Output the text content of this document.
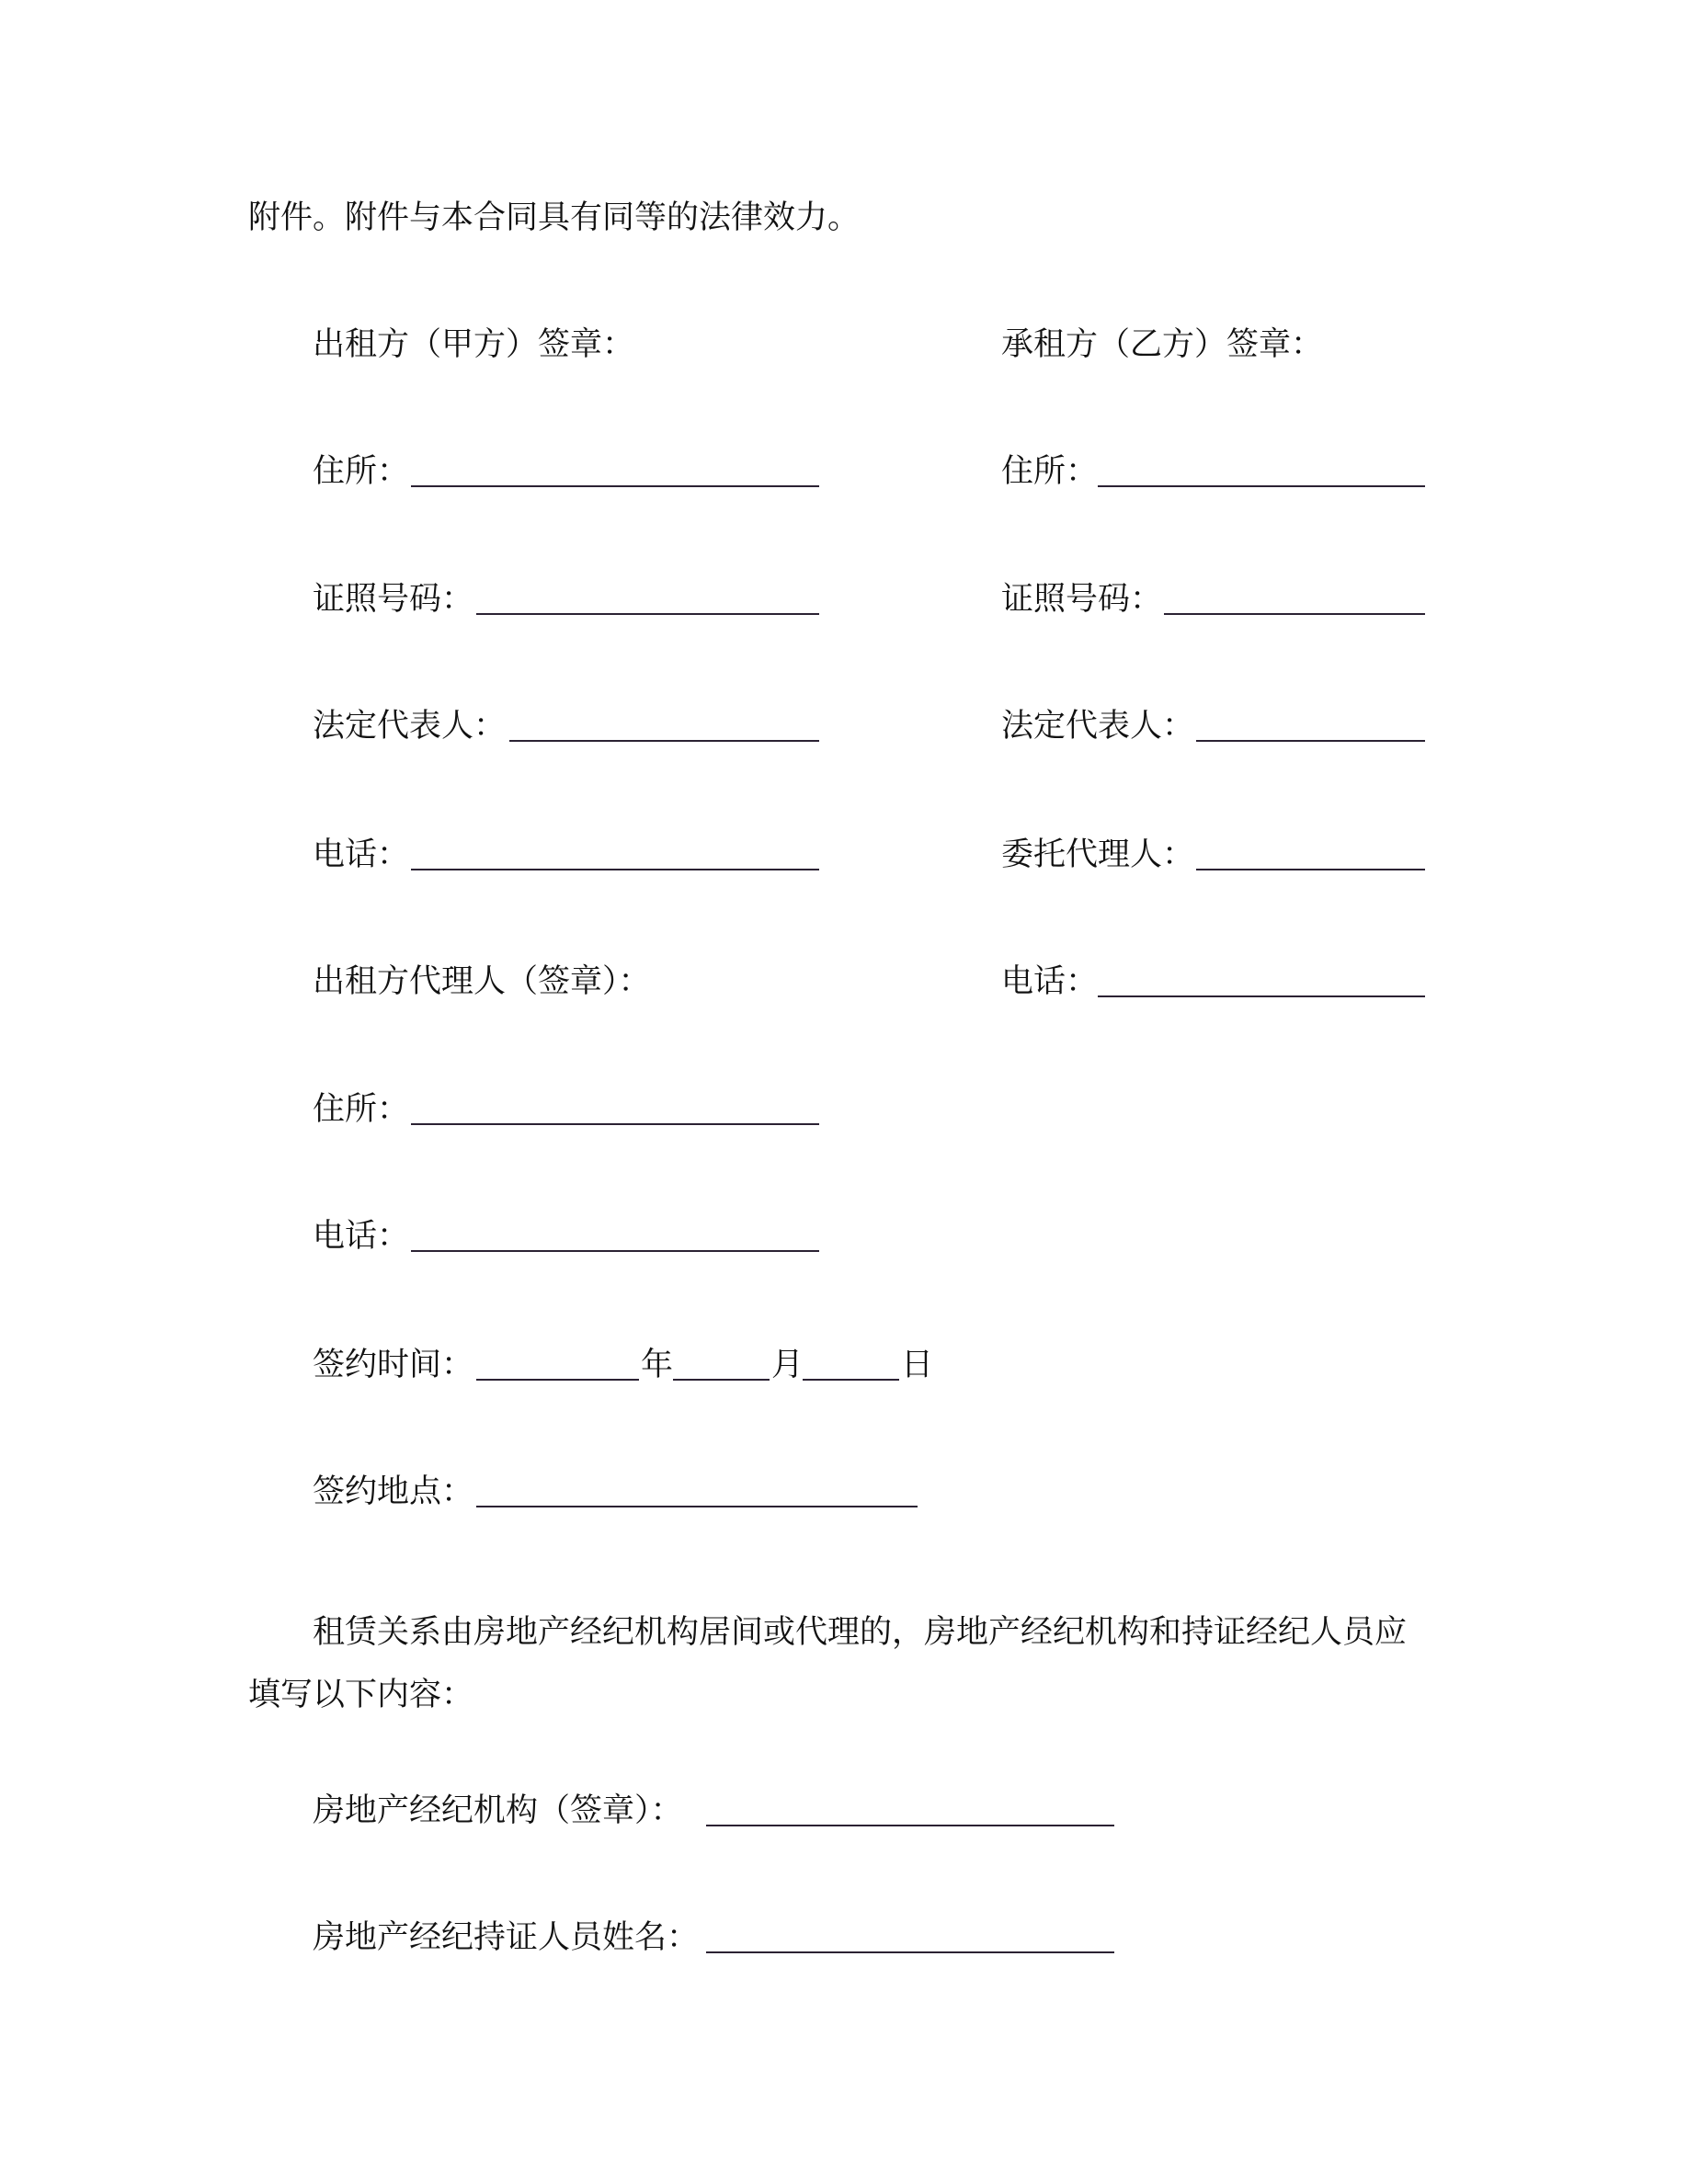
附件。附件与本合同具有同等的法律效力。
出租方（甲方）签章：	承租方（乙方）签章：
住所：	住所：
证照号码：	证照号码：
法定代表人：	法定代表人：
电话：	委托代理人：
出租方代理人（签章）：	电话：
住所：
电话：
签约时间：	年	月	日
签约地点：
租赁关系由房地产经纪机构居间或代理的，房地产经纪机构和持证经纪人员应填写以下内容：
房地产经纪机构（签章）：
房地产经纪持证人员姓名：
